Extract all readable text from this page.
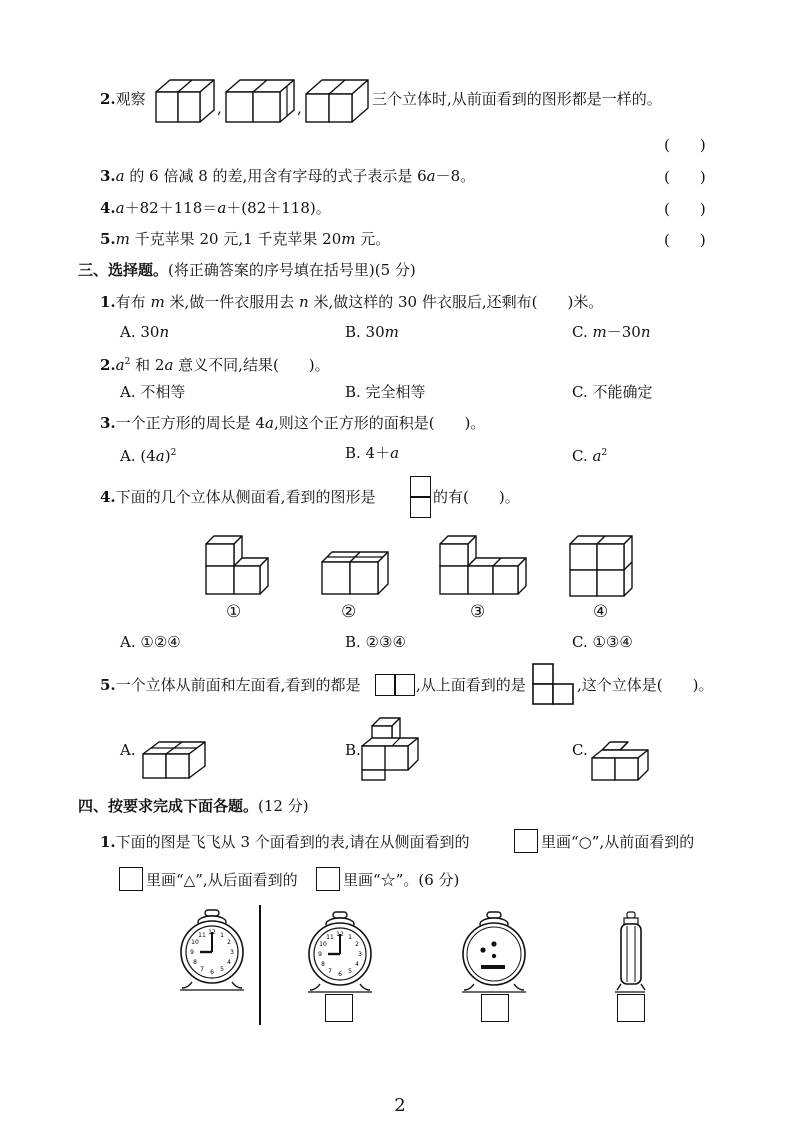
2.观察	,	,	三个立体时,从前面看到的图形都是一样的。
(　　)
3.a 的 6 倍减 8 的差,用含有字母的式子表示是 6a－8。	(　　)
4.a＋82＋118＝a＋(82＋118)。	(　　)
5.m 千克苹果 20 元,1 千克苹果 20m 元。	(　　)
三、选择题。(将正确答案的序号填在括号里)(5 分)
1.有布 m 米,做一件衣服用去 n 米,做这样的 30 件衣服后,还剩布(　　)米。
A. 30n	B. 30m	C. m－30n
$2.a^2$ 和 2a 意义不同,结果(　　)。
A. 不相等	B. 完全相等	C. 不能确定
3.一个正方形的周长是 4a,则这个正方形的面积是(　　)。
A. $(4a)^2$	B. 4＋a	C. $a^2$
4.下面的几个立体从侧面看,看到的图形是	的有(　　)。
①	②	③	④
A. ①②④	B. ②③④	C. ①③④
5.一个立体从前面和左面看,看到的都是	,从上面看到的是	,这个立体是(　　)。
A.	B.	C.
四、按要求完成下面各题。(12 分)
1.下面的图是飞飞从 3 个面看到的表,请在从侧面看到的	里画“○”,从前面看到的
里画“△”,从后面看到的	里画“☆”。(6 分)
12 1
2
3
4
5
6
7
8
9
10
11	12 1
2
3
4
5
6
7
8
9
10
11
2
